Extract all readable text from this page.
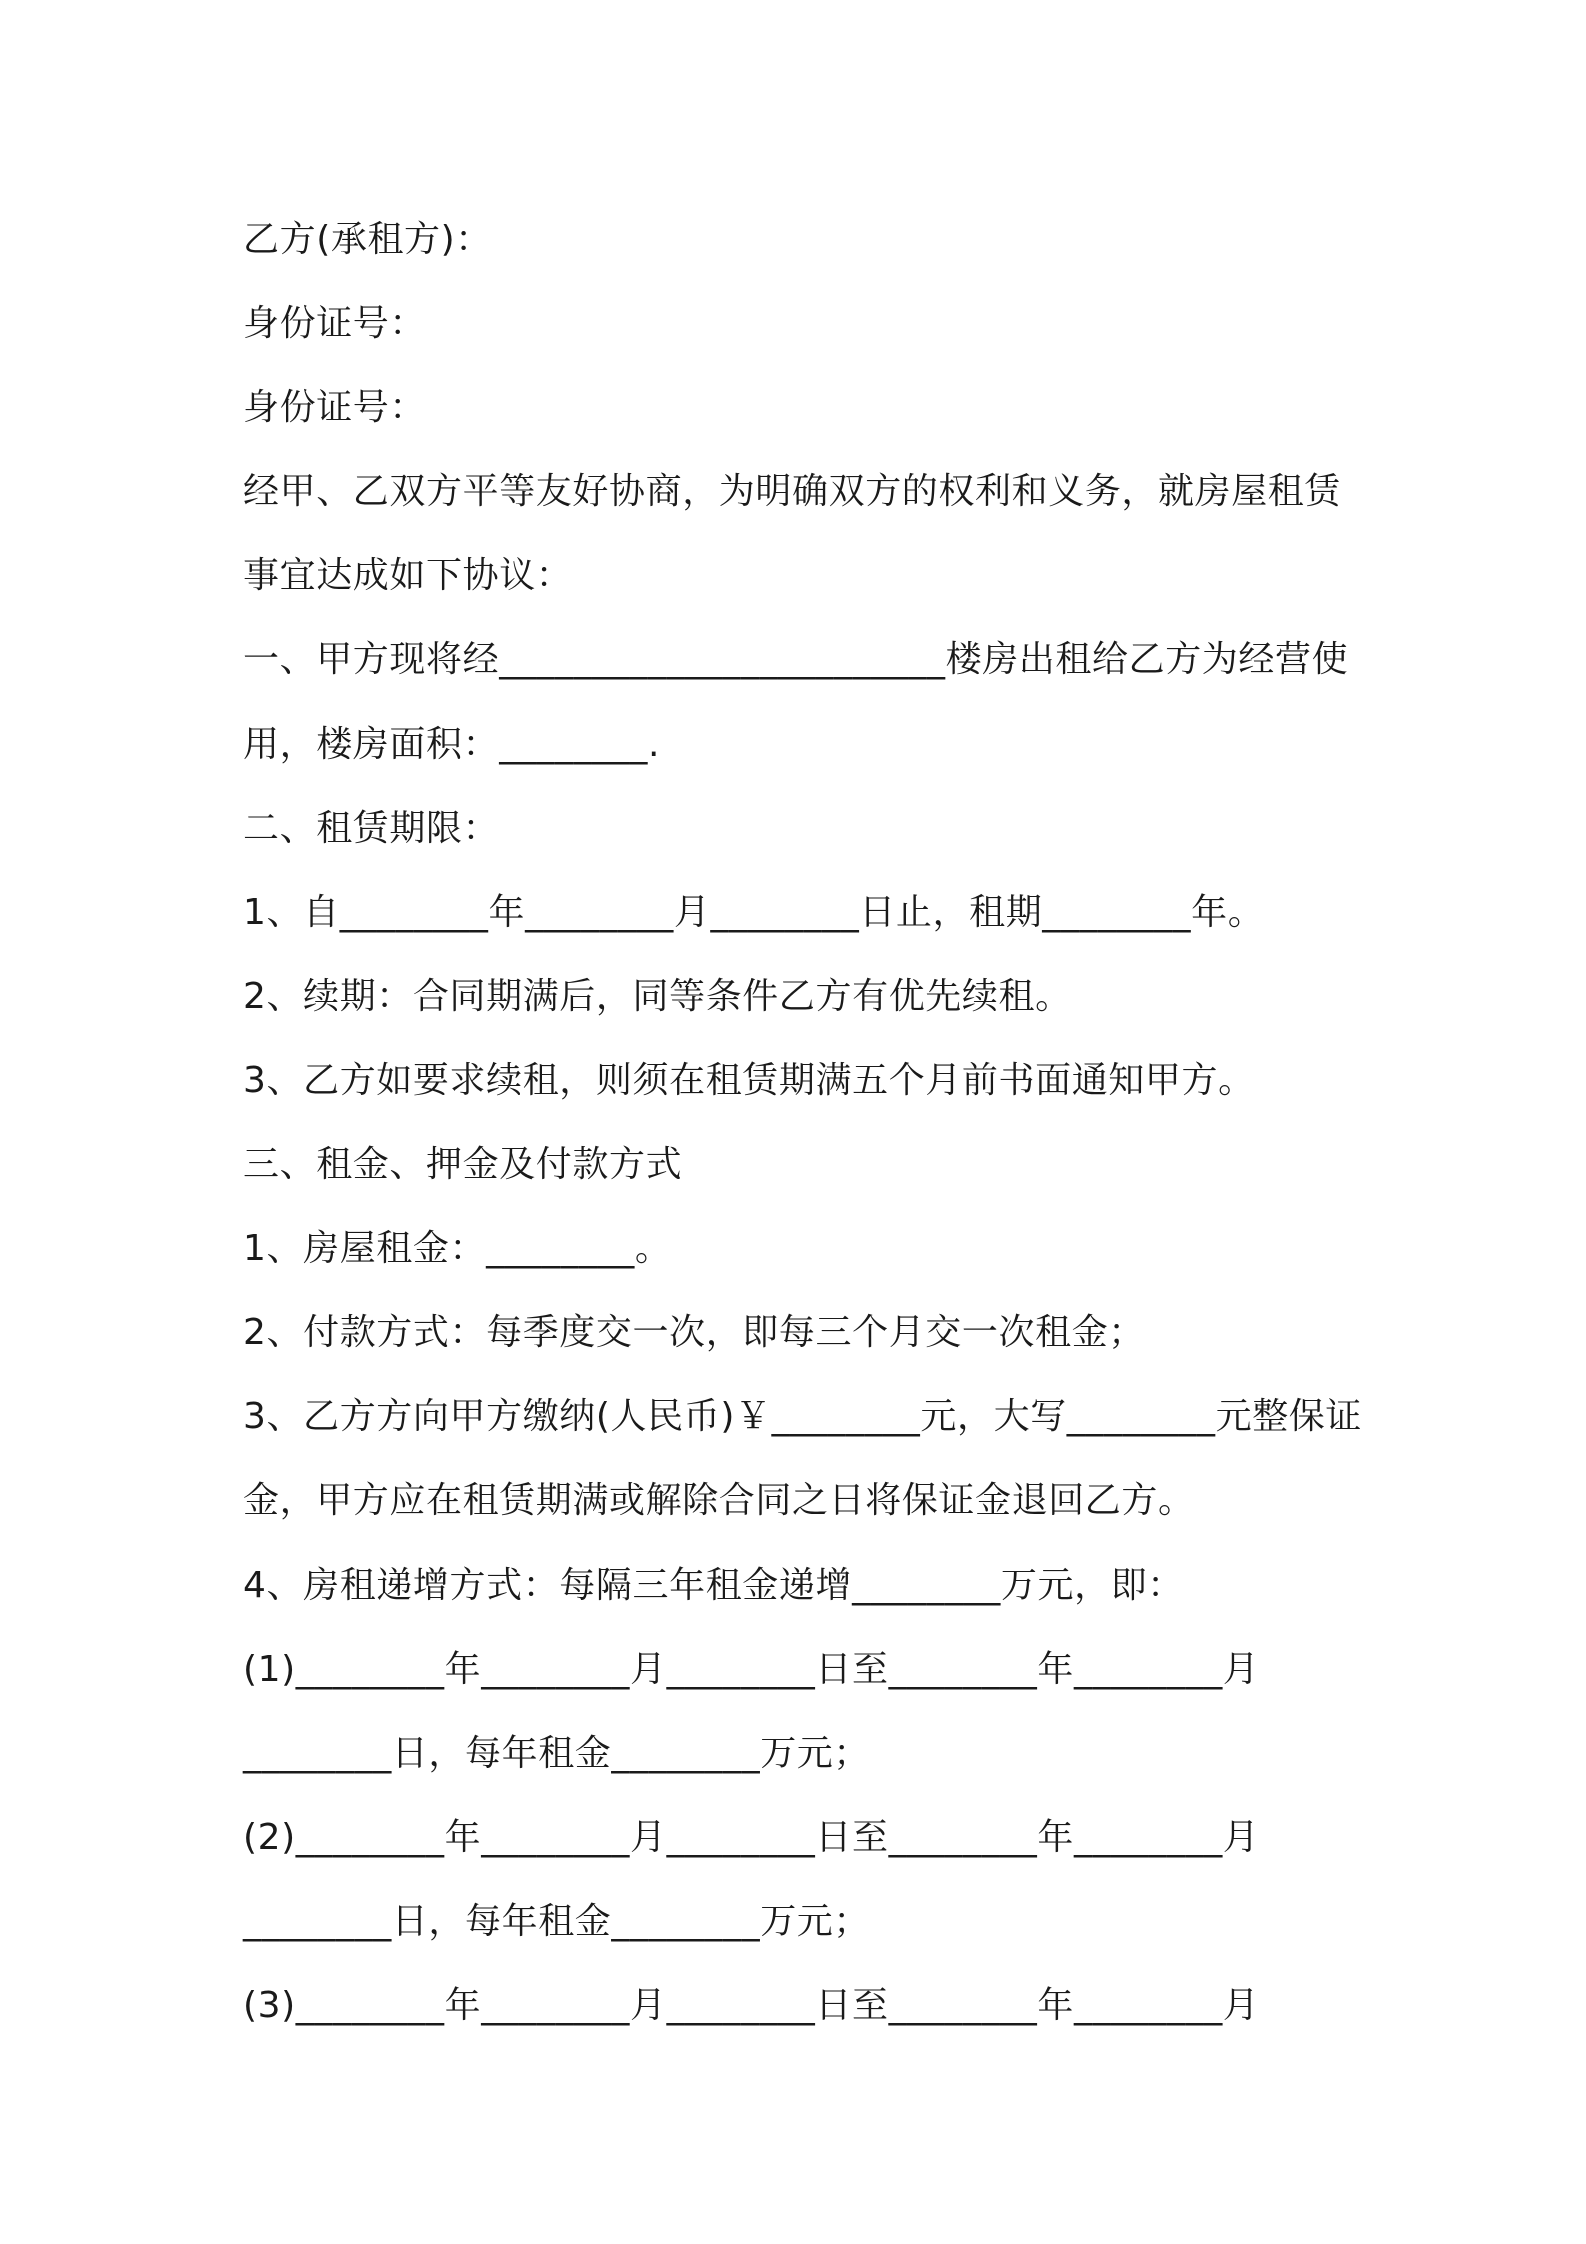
乙方(承租方)：
身份证号：
身份证号：
经甲、乙双方平等友好协商，为明确双方的权利和义务，就房屋租赁
事宜达成如下协议：
一、甲方现将经________________________楼房出租给乙方为经营使
用，楼房面积：________.
二、租赁期限：
1、自________年________月________日止，租期________年。
2、续期：合同期满后，同等条件乙方有优先续租。
3、乙方如要求续租，则须在租赁期满五个月前书面通知甲方。
三、租金、押金及付款方式
1、房屋租金：________。
2、付款方式：每季度交一次，即每三个月交一次租金；
3、乙方方向甲方缴纳(人民币)￥________元，大写________元整保证
金，甲方应在租赁期满或解除合同之日将保证金退回乙方。
4、房租递增方式：每隔三年租金递增________万元，即：
(1)________年________月________日至________年________月
________日，每年租金________万元；
(2)________年________月________日至________年________月
________日，每年租金________万元；
(3)________年________月________日至________年________月
